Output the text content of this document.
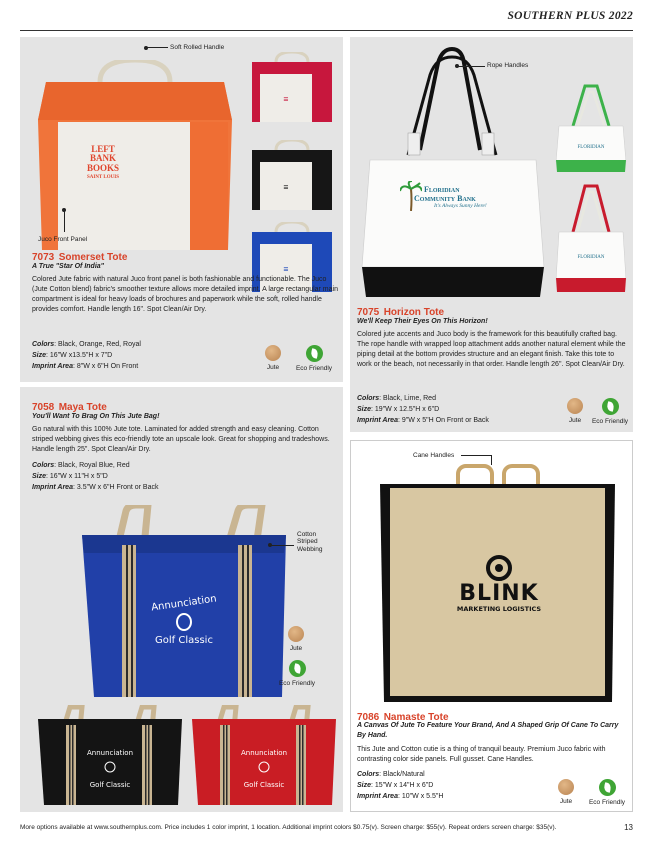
SOUTHERN PLUS 2022
LEFT
BANK
BOOKS
SAINT LOUIS
≡
≡
≡
Soft Rolled Handle
Juco Front Panel
7073 Somerset Tote
A True "Star Of India"
Colored Jute fabric with natural Juco front panel is both fashionable and functionable. The Juco (Jute Cotton blend) fabric's smoother texture allows more detailed imprint. A large rectangular main compartment is ideal for heavy loads of brochures and paperwork while the soft, rolled handle provides comfort. Handle length 16". Spot Clean/Air Dry.
Colors: Black, Orange, Red, Royal
Size: 16"W x13.5"H x 7"D
Imprint Area: 8"W x 6"H On Front	Jute	Eco Friendly
Floridian
Community Bank
It's Always Sunny Here!
FLORIDIAN
FLORIDIAN
Rope Handles
7075 Horizon Tote
We'll Keep Their Eyes On This Horizon!
Colored jute accents and Juco body is the framework for this beautifully crafted bag. The rope handle with wrapped loop attachment adds another natural element while the piping detail at the bottom provides structure and an elegant finish. Take this tote to work or the beach, not necessarily in that order. Handle length 26". Spot Clean/Air Dry.
Colors: Black, Lime, Red
Size: 19"W x 12.5"H x 6"D
Imprint Area: 9"W x 5"H On Front or Back	Jute	Eco Friendly
7058 Maya Tote
You'll Want To Brag On This Jute Bag!
Go natural with this 100% Jute tote. Laminated for added strength and easy cleaning. Cotton striped webbing gives this eco-friendly tote an upscale look. Great for shopping and tradeshows. Handle length 25". Spot Clean/Air Dry.
Colors: Black, Royal Blue, Red
Size: 16"W x 11"H x 5"D
Imprint Area: 3.5"W x 6"H Front or Back
Annunciation
Golf Classic
Annunciation
Golf Classic
Annunciation
Golf Classic
Cotton Striped Webbing
Jute
Eco Friendly
BLINK
MARKETING LOGISTICS
Cane Handles
7086 Namaste Tote
A Canvas Of Jute To Feature Your Brand, And A Shaped Grip Of Cane To Carry By Hand.
This Jute and Cotton cutie is a thing of tranquil beauty. Premium Juco fabric with contrasting color side panels. Full gusset. Cane Handles.
Colors: Black/Natural
Size: 15"W x 14"H x 6"D
Imprint Area: 10"W x 5.5"H
Jute	Eco Friendly
More options available at www.southernplus.com. Price includes 1 color imprint, 1 location. Additional imprint colors $0.75(v). Screen charge: $55(v). Repeat orders screen charge: $35(v).	13
